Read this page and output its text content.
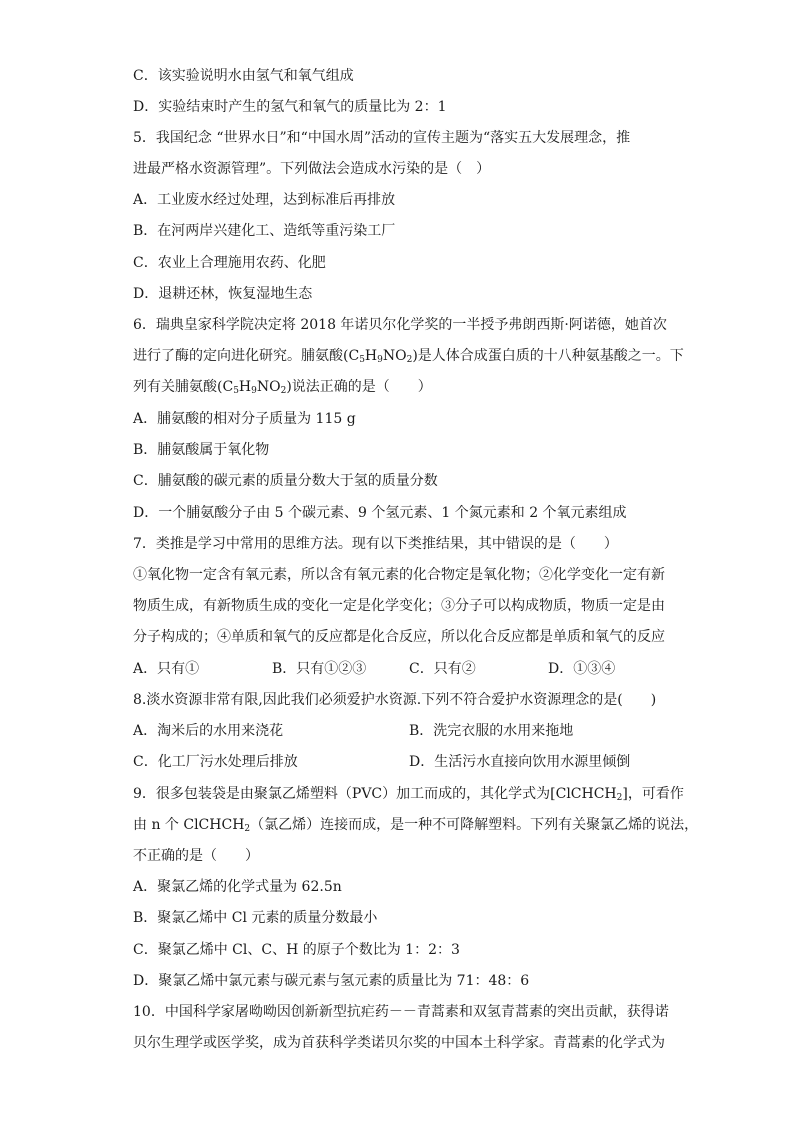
C．该实验说明水由氢气和氧气组成
D．实验结束时产生的氢气和氧气的质量比为 2：1
5．我国纪念 “世界水日”和“中国水周”活动的宣传主题为“落实五大发展理念，推
进最严格水资源管理”。下列做法会造成水污染的是（　）
A．工业废水经过处理，达到标准后再排放
B．在河两岸兴建化工、造纸等重污染工厂
C．农业上合理施用农药、化肥
D．退耕还林，恢复湿地生态
6．瑞典皇家科学院决定将 2018 年诺贝尔化学奖的一半授予弗朗西斯·阿诺德，她首次
进行了酶的定向进化研究。脯氨酸$(C_5H_9NO_2)$是人体合成蛋白质的十八种氨基酸之一。下
列有关脯氨酸$(C_5H_9NO_2)$说法正确的是（　　）
A．脯氨酸的相对分子质量为 115 g
B．脯氨酸属于氧化物
C．脯氨酸的碳元素的质量分数大于氢的质量分数
D．一个脯氨酸分子由 5 个碳元素、9 个氢元素、1 个氮元素和 2 个氧元素组成
7．类推是学习中常用的思维方法。现有以下类推结果，其中错误的是（　　）
①氧化物一定含有氧元素，所以含有氧元素的化合物定是氧化物；②化学变化一定有新
物质生成，有新物质生成的变化一定是化学变化；③分子可以构成物质，物质一定是由
分子构成的；④单质和氧气的反应都是化合反应，所以化合反应都是单质和氧气的反应
A．只有①	B．只有①②③	C．只有②	D．①③④
8.淡水资源非常有限,因此我们必须爱护水资源.下列不符合爱护水资源理念的是(　　)
A．淘米后的水用来浇花	B．洗完衣服的水用来拖地
C．化工厂污水处理后排放	D．生活污水直接向饮用水源里倾倒
9．很多包装袋是由聚氯乙烯塑料（PVC）加工而成的，其化学式为[ClCHCH$_2$]，可看作
由 n 个 ClCHCH$_2$（氯乙烯）连接而成，是一种不可降解塑料。下列有关聚氯乙烯的说法，
不正确的是（　　）
A．聚氯乙烯的化学式量为 62.5n
B．聚氯乙烯中 Cl 元素的质量分数最小
C．聚氯乙烯中 Cl、C、H 的原子个数比为 1：2：3
D．聚氯乙烯中氯元素与碳元素与氢元素的质量比为 71：48：6
10．中国科学家屠呦呦因创新新型抗疟药－－青蒿素和双氢青蒿素的突出贡献，获得诺
贝尔生理学或医学奖，成为首获科学类诺贝尔奖的中国本土科学家。青蒿素的化学式为
